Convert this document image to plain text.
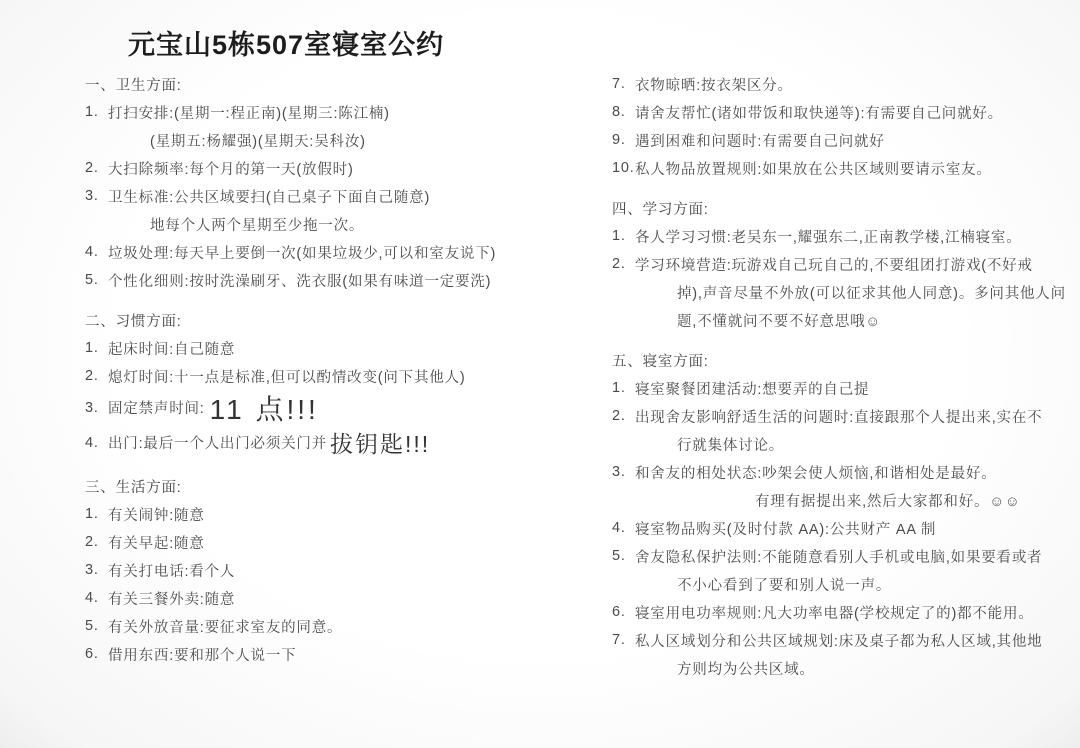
元宝山5栋507室寝室公约
一、卫生方面:
1. 打扫安排:(星期一:程正南)(星期三:陈江楠)
(星期五:杨耀强)(星期天:吴科汝)
2. 大扫除频率:每个月的第一天(放假时)
3. 卫生标准:公共区域要扫(自己桌子下面自己随意)
地每个人两个星期至少拖一次。
4. 垃圾处理:每天早上要倒一次(如果垃圾少,可以和室友说下)
5. 个性化细则:按时洗澡刷牙、洗衣服(如果有味道一定要洗)
二、习惯方面:
1. 起床时间:自己随意
2. 熄灯时间:十一点是标准,但可以酌情改变(问下其他人)
3. 固定禁声时间: 11 点!!!
4. 出门:最后一个人出门必须关门并 拔钥匙!!!
三、生活方面:
1. 有关闹钟:随意
2. 有关早起:随意
3. 有关打电话:看个人
4. 有关三餐外卖:随意
5. 有关外放音量:要征求室友的同意。
6. 借用东西:要和那个人说一下
7. 衣物晾晒:按衣架区分。
8. 请舍友帮忙(诸如带饭和取快递等):有需要自己问就好。
9. 遇到困难和问题时:有需要自己问就好
10. 私人物品放置规则:如果放在公共区域则要请示室友。
四、学习方面:
1. 各人学习习惯:老吴东一,耀强东二,正南教学楼,江楠寝室。
2. 学习环境营造:玩游戏自己玩自己的,不要组团打游戏(不好戒
掉),声音尽量不外放(可以征求其他人同意)。多问其他人问
题,不懂就问不要不好意思哦☺
五、寝室方面:
1. 寝室聚餐团建活动:想要弄的自己提
2. 出现舍友影响舒适生活的问题时:直接跟那个人提出来,实在不
行就集体讨论。
3. 和舍友的相处状态:吵架会使人烦恼,和谐相处是最好。
有理有据提出来,然后大家都和好。☺☺
4. 寝室物品购买(及时付款 AA):公共财产 AA 制
5. 舍友隐私保护法则:不能随意看别人手机或电脑,如果要看或者
不小心看到了要和别人说一声。
6. 寝室用电功率规则:凡大功率电器(学校规定了的)都不能用。
7. 私人区域划分和公共区域规划:床及桌子都为私人区域,其他地
方则均为公共区域。
